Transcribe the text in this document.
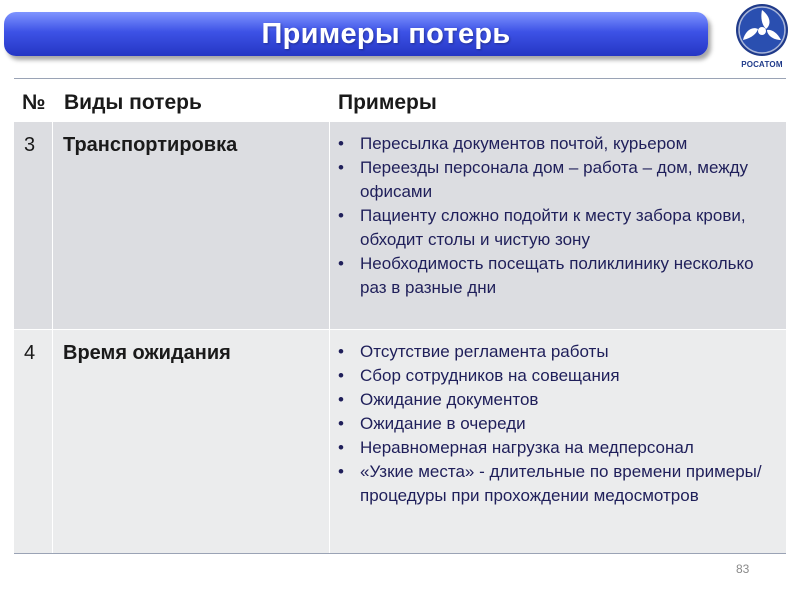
Примеры потерь
РОСАТОМ
№ Виды потерь	Примеры
3 Транспортировка	• Пересылка документов почтой, курьером
• Переезды персонала дом – работа – дом, между офисами
• Пациенту сложно подойти к месту забора крови, обходит столы и чистую зону
• Необходимость посещать поликлинику несколько раз в разные дни
4 Время ожидания	• Отсутствие регламента работы
• Сбор сотрудников на совещания
• Ожидание документов
• Ожидание в очереди
• Неравномерная нагрузка на медперсонал
• «Узкие места» - длительные по времени примеры/процедуры при прохождении медосмотров
83
